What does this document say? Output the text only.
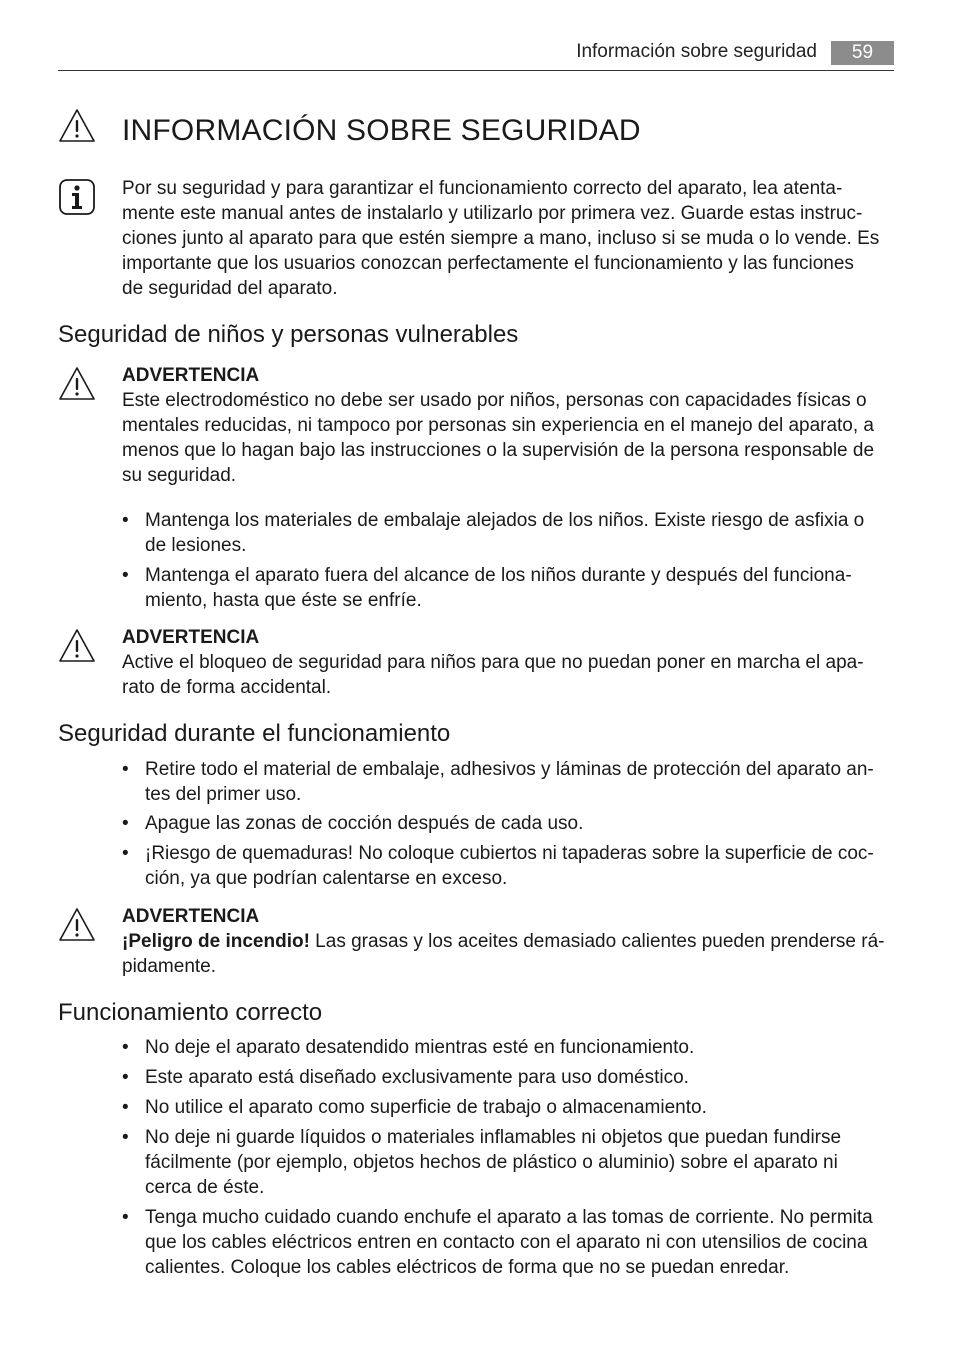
Información sobre seguridad	59
INFORMACIÓN SOBRE SEGURIDAD

Por su seguridad y para garantizar el funcionamiento correcto del aparato, lea atenta-
mente este manual antes de instalarlo y utilizarlo por primera vez. Guarde estas instruc-
ciones junto al aparato para que estén siempre a mano, incluso si se muda o lo vende. Es
importante que los usuarios conozcan perfectamente el funcionamiento y las funciones
de seguridad del aparato.

Seguridad de niños y personas vulnerables
ADVERTENCIA

Este electrodoméstico no debe ser usado por niños, personas con capacidades físicas o
mentales reducidas, ni tampoco por personas sin experiencia en el manejo del aparato, a
menos que lo hagan bajo las instrucciones o la supervisión de la persona responsable de
su seguridad.

• Mantenga los materiales de embalaje alejados de los niños. Existe riesgo de asfixia o
de lesiones.
• Mantenga el aparato fuera del alcance de los niños durante y después del funciona-
miento, hasta que éste se enfríe.
ADVERTENCIA

Active el bloqueo de seguridad para niños para que no puedan poner en marcha el apa-
rato de forma accidental.

Seguridad durante el funcionamiento
• Retire todo el material de embalaje, adhesivos y láminas de protección del aparato an-
tes del primer uso.
• Apague las zonas de cocción después de cada uso.
• ¡Riesgo de quemaduras! No coloque cubiertos ni tapaderas sobre la superficie de coc-
ción, ya que podrían calentarse en exceso.
ADVERTENCIA

¡Peligro de incendio! Las grasas y los aceites demasiado calientes pueden prenderse rá-
pidamente.

Funcionamiento correcto
• No deje el aparato desatendido mientras esté en funcionamiento.
• Este aparato está diseñado exclusivamente para uso doméstico.
• No utilice el aparato como superficie de trabajo o almacenamiento.
• No deje ni guarde líquidos o materiales inflamables ni objetos que puedan fundirse
fácilmente (por ejemplo, objetos hechos de plástico o aluminio) sobre el aparato ni
cerca de éste.
• Tenga mucho cuidado cuando enchufe el aparato a las tomas de corriente. No permita
que los cables eléctricos entren en contacto con el aparato ni con utensilios de cocina
calientes. Coloque los cables eléctricos de forma que no se puedan enredar.
